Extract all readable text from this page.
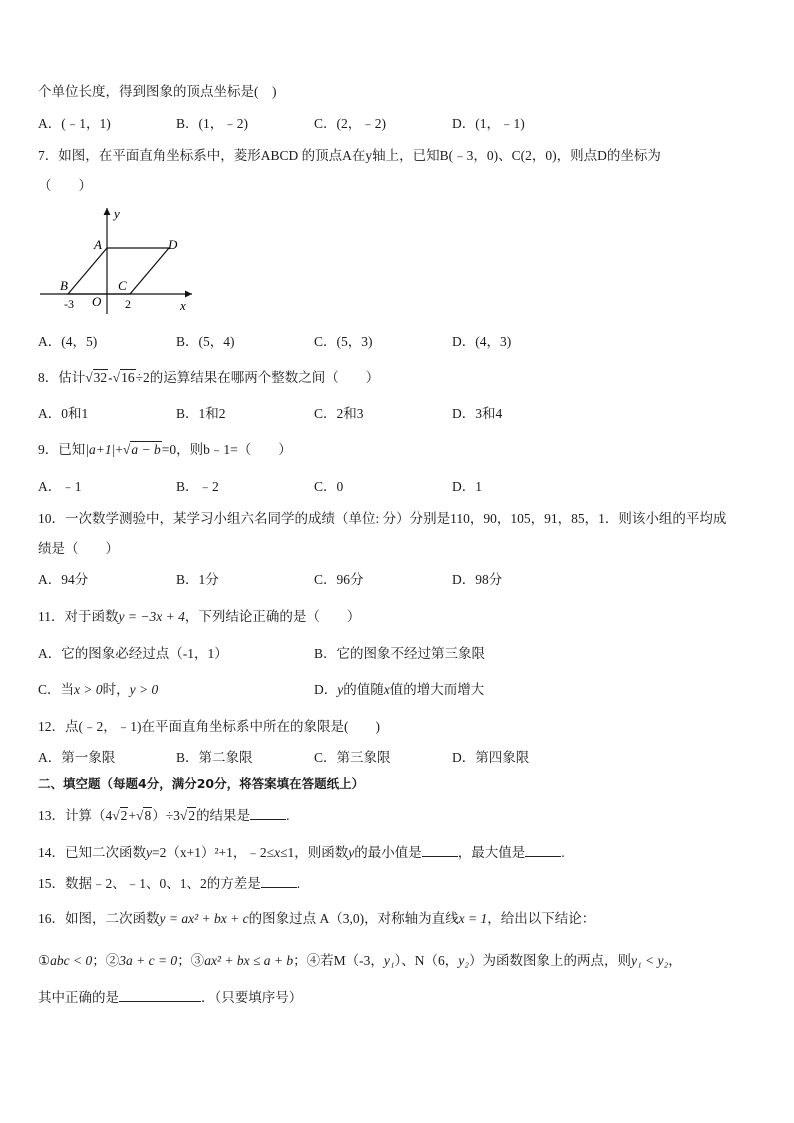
个单位长度，得到图象的顶点坐标是(　)
A．(﹣1，1)	B．(1，﹣2)	C．(2，﹣2)	D．(1，﹣1)
7．如图，在平面直角坐标系中，菱形ABCD 的顶点A在y轴上，已知B(﹣3，0)、C(2，0)，则点D的坐标为
（　　）
y
x
A	D
B	C
O
-3	2
A．(4，5)	B．(5，4)	C．(5，3)	D．(4，3)
8．估计√32-√16÷2的运算结果在哪两个整数之间（　　）
A．0和1	B．1和2	C．2和3	D．3和4
9．已知|a+1|+√a − b=0，则b﹣1=（　　）
A．﹣1	B．﹣2	C．0	D．1
10．一次数学测验中，某学习小组六名同学的成绩（单位: 分）分别是110，90，105，91，85，1．则该小组的平均成
绩是（　　）
A．94分	B．1分	C．96分	D．98分
11．对于函数y = −3x + 4，下列结论正确的是（　　）
A．它的图象必经过点（-1，1）	B．它的图象不经过第三象限
C．当x > 0时，y > 0	D．y的值随x值的增大而增大
12．点(﹣2，﹣1)在平面直角坐标系中所在的象限是(　　)
A．第一象限	B．第二象限	C．第三象限	D．第四象限
二、填空题（每题4分，满分20分，将答案填在答题纸上）
13．计算（4√2+√8）÷3√2的结果是	.
14．已知二次函数y=2（x+1）²+1，﹣2≤x≤1，则函数y的最小值是	，最大值是	.
15．数据﹣2、﹣1、0、1、2的方差是	.
16．如图，二次函数y = ax² + bx + c的图象过点 A（3,0)，对称轴为直线x = 1，给出以下结论：
①abc < 0；②3a + c = 0；③ax² + bx ≤ a + b；④若M（-3，y₁）、N（6，y₂）为函数图象上的两点，则y₁ < y₂，
其中正确的是	．（只要填序号）
